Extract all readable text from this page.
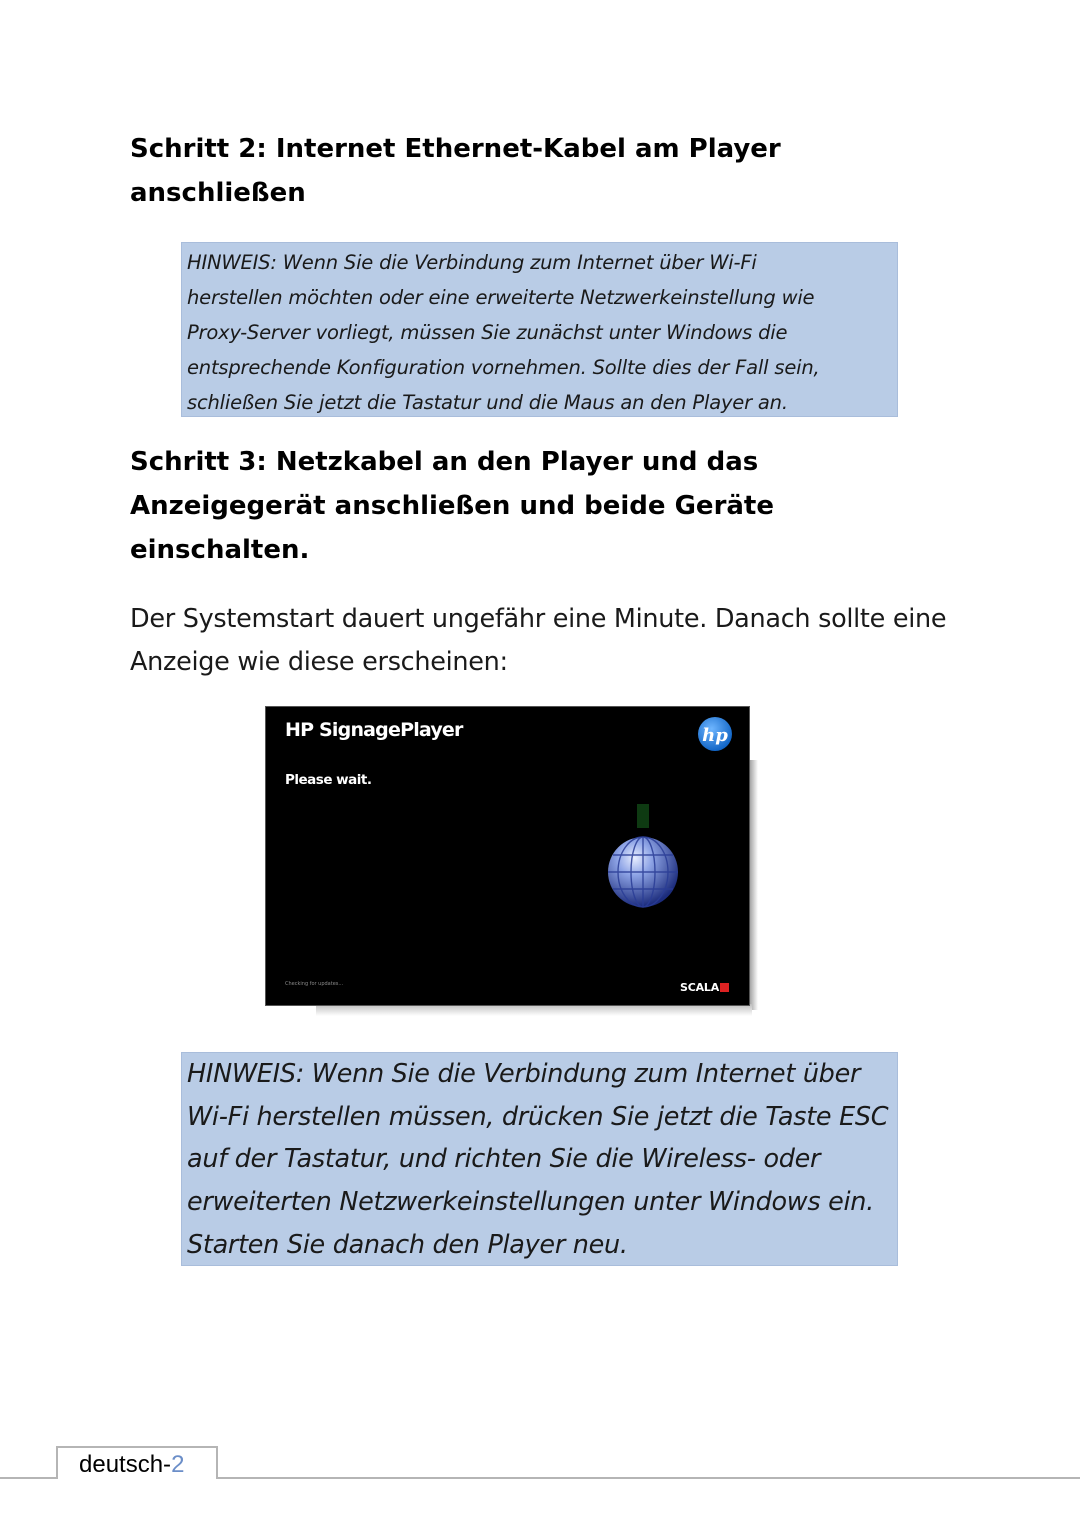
Schritt 2: Internet Ethernet-Kabel am Player
anschließen
HINWEIS: Wenn Sie die Verbindung zum Internet über Wi-Fi
herstellen möchten oder eine erweiterte Netzwerkeinstellung wie
Proxy-Server vorliegt, müssen Sie zunächst unter Windows die
entsprechende Konfiguration vornehmen. Sollte dies der Fall sein,
schließen Sie jetzt die Tastatur und die Maus an den Player an.
Schritt 3: Netzkabel an den Player und das
Anzeigegerät anschließen und beide Geräte
einschalten.

Der Systemstart dauert ungefähr eine Minute. Danach sollte eine
Anzeige wie diese erscheinen:

HP SignagePlayer
Please wait.
hp
Checking for updates...	SCALA
HINWEIS: Wenn Sie die Verbindung zum Internet über
Wi-Fi herstellen müssen, drücken Sie jetzt die Taste ESC
auf der Tastatur, und richten Sie die Wireless- oder
erweiterten Netzwerkeinstellungen unter Windows ein.
Starten Sie danach den Player neu.
deutsch-2
